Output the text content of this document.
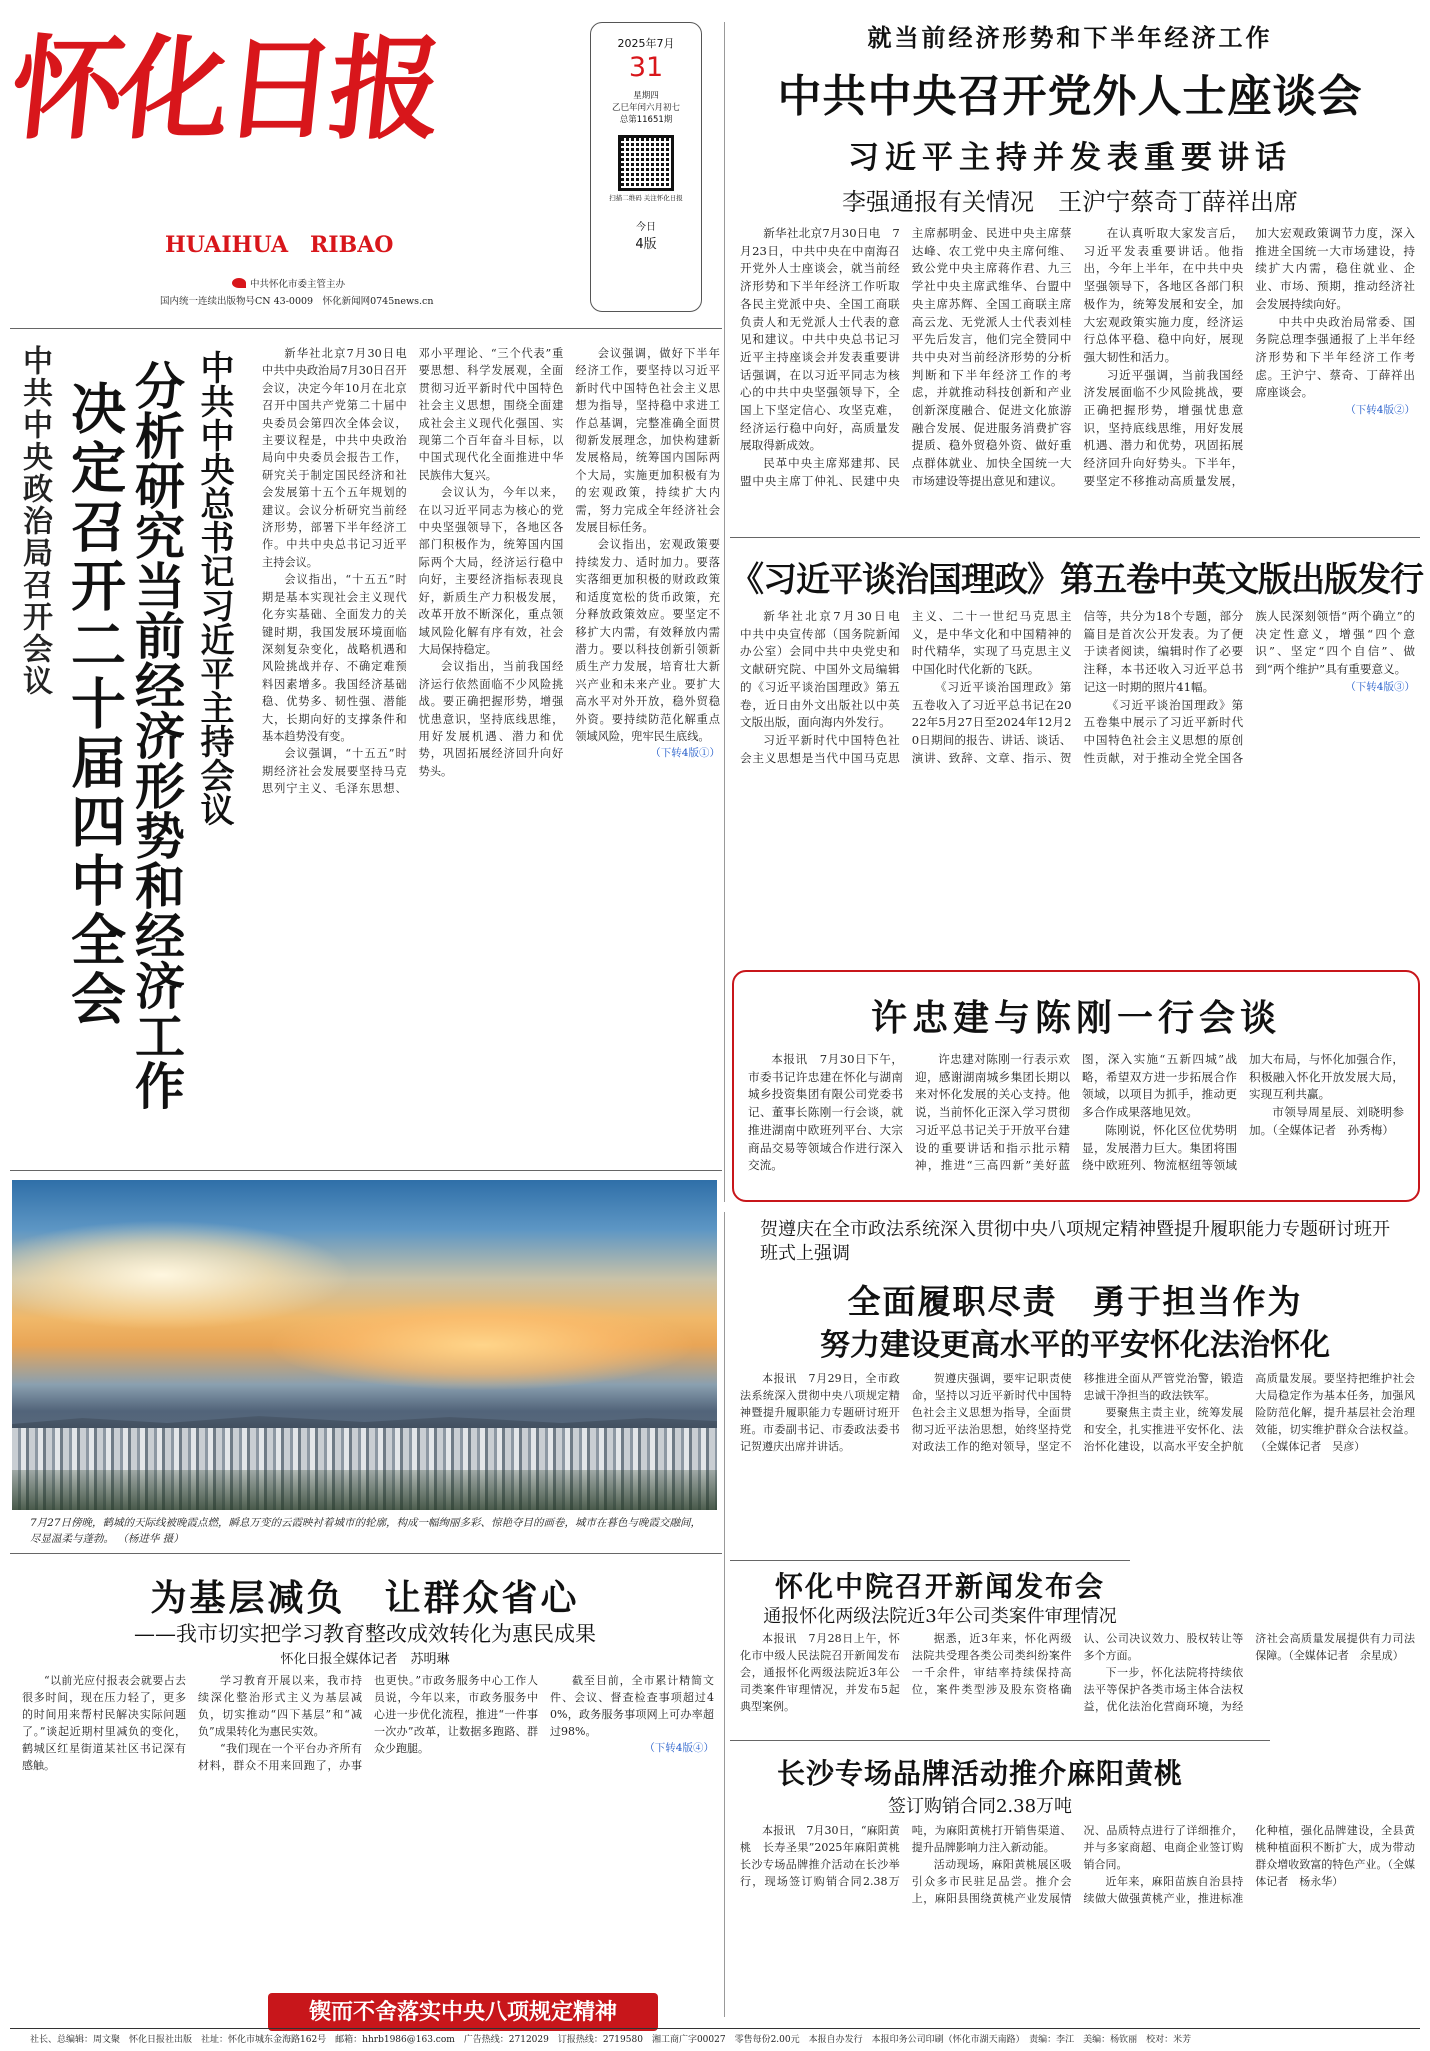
怀化日报
HUAIHUA　RIBAO
中共怀化市委主管主办
国内统一连续出版物号CN 43-0009　 怀化新闻网0745news.cn
2025年7月
31
星期四
乙巳年闰六月初七
总第11651期
扫描二维码 关注怀化日报
今日
4版
就当前经济形势和下半年经济工作
中共中央召开党外人士座谈会
习近平主持并发表重要讲话
李强通报有关情况　王沪宁蔡奇丁薛祥出席

新华社北京7月30日电　7月23日，中共中央在中南海召开党外人士座谈会，就当前经济形势和下半年经济工作听取各民主党派中央、全国工商联负责人和无党派人士代表的意见和建议。中共中央总书记习近平主持座谈会并发表重要讲话强调，在以习近平同志为核心的中共中央坚强领导下，全国上下坚定信心、攻坚克难，经济运行稳中向好，高质量发展取得新成效。

民革中央主席郑建邦、民盟中央主席丁仲礼、民建中央主席郝明金、民进中央主席蔡达峰、农工党中央主席何维、致公党中央主席蒋作君、九三学社中央主席武维华、台盟中央主席苏辉、全国工商联主席高云龙、无党派人士代表刘桂平先后发言，他们完全赞同中共中央对当前经济形势的分析判断和下半年经济工作的考虑，并就推动科技创新和产业创新深度融合、促进文化旅游融合发展、促进服务消费扩容提质、稳外贸稳外资、做好重点群体就业、加快全国统一大市场建设等提出意见和建议。

在认真听取大家发言后，习近平发表重要讲话。他指出，今年上半年，在中共中央坚强领导下，各地区各部门积极作为，统筹发展和安全，加大宏观政策实施力度，经济运行总体平稳、稳中向好，展现强大韧性和活力。

习近平强调，当前我国经济发展面临不少风险挑战，要正确把握形势，增强忧患意识，坚持底线思维，用好发展机遇、潜力和优势，巩固拓展经济回升向好势头。下半年，要坚定不移推动高质量发展，加大宏观政策调节力度，深入推进全国统一大市场建设，持续扩大内需，稳住就业、企业、市场、预期，推动经济社会发展持续向好。

中共中央政治局常委、国务院总理李强通报了上半年经济形势和下半年经济工作考虑。王沪宁、蔡奇、丁薛祥出席座谈会。

（下转4版②）
《习近平谈治国理政》第五卷中英文版出版发行

新华社北京7月30日电　中共中央宣传部（国务院新闻办公室）会同中共中央党史和文献研究院、中国外文局编辑的《习近平谈治国理政》第五卷，近日由外文出版社以中英文版出版，面向海内外发行。

习近平新时代中国特色社会主义思想是当代中国马克思主义、二十一世纪马克思主义，是中华文化和中国精神的时代精华，实现了马克思主义中国化时代化新的飞跃。

《习近平谈治国理政》第五卷收入了习近平总书记在2022年5月27日至2024年12月20日期间的报告、讲话、谈话、演讲、致辞、文章、指示、贺信等，共分为18个专题，部分篇目是首次公开发表。为了便于读者阅读，编辑时作了必要注释，本书还收入习近平总书记这一时期的照片41幅。

《习近平谈治国理政》第五卷集中展示了习近平新时代中国特色社会主义思想的原创性贡献，对于推动全党全国各族人民深刻领悟“两个确立”的决定性意义，增强“四个意识”、坚定“四个自信”、做到“两个维护”具有重要意义。

（下转4版③）
许忠建与陈刚一行会谈

本报讯　7月30日下午，市委书记许忠建在怀化与湖南城乡投资集团有限公司党委书记、董事长陈刚一行会谈，就推进湖南中欧班列平台、大宗商品交易等领域合作进行深入交流。

许忠建对陈刚一行表示欢迎，感谢湖南城乡集团长期以来对怀化发展的关心支持。他说，当前怀化正深入学习贯彻习近平总书记关于开放平台建设的重要讲话和指示批示精神，推进“三高四新”美好蓝图，深入实施“五新四城”战略，希望双方进一步拓展合作领域，以项目为抓手，推动更多合作成果落地见效。

陈刚说，怀化区位优势明显，发展潜力巨大。集团将围绕中欧班列、物流枢纽等领域加大布局，与怀化加强合作，积极融入怀化开放发展大局，实现互利共赢。

市领导周星辰、刘晓明参加。（全媒体记者　孙秀梅）

中共中央政治局召开会议 决定召开二十届四中全会 分析研究当前经济形势和经济工作 中共中央总书记习近平主持会议	新华社北京7月30日电　中共中央政治局7月30日召开会议，决定今年10月在北京召开中国共产党第二十届中央委员会第四次全体会议，主要议程是，中共中央政治局向中央委员会报告工作，研究关于制定国民经济和社会发展第十五个五年规划的建议。会议分析研究当前经济形势，部署下半年经济工作。中共中央总书记习近平主持会议。

会议指出，“十五五”时期是基本实现社会主义现代化夯实基础、全面发力的关键时期，我国发展环境面临深刻复杂变化，战略机遇和风险挑战并存、不确定难预料因素增多。我国经济基础稳、优势多、韧性强、潜能大，长期向好的支撑条件和基本趋势没有变。

会议强调，“十五五”时期经济社会发展要坚持马克思列宁主义、毛泽东思想、邓小平理论、“三个代表”重要思想、科学发展观，全面贯彻习近平新时代中国特色社会主义思想，围绕全面建成社会主义现代化强国、实现第二个百年奋斗目标，以中国式现代化全面推进中华民族伟大复兴。

会议认为，今年以来，在以习近平同志为核心的党中央坚强领导下，各地区各部门积极作为，统筹国内国际两个大局，经济运行稳中向好，主要经济指标表现良好，新质生产力积极发展，改革开放不断深化，重点领域风险化解有序有效，社会大局保持稳定。

会议指出，当前我国经济运行依然面临不少风险挑战。要正确把握形势，增强忧患意识，坚持底线思维，用好发展机遇、潜力和优势，巩固拓展经济回升向好势头。

会议强调，做好下半年经济工作，要坚持以习近平新时代中国特色社会主义思想为指导，坚持稳中求进工作总基调，完整准确全面贯彻新发展理念，加快构建新发展格局，统筹国内国际两个大局，实施更加积极有为的宏观政策，持续扩大内需，努力完成全年经济社会发展目标任务。

会议指出，宏观政策要持续发力、适时加力。要落实落细更加积极的财政政策和适度宽松的货币政策，充分释放政策效应。要坚定不移扩大内需，有效释放内需潜力。要以科技创新引领新质生产力发展，培育壮大新兴产业和未来产业。要扩大高水平对外开放，稳外贸稳外资。要持续防范化解重点领域风险，兜牢民生底线。

（下转4版①）
7月27日傍晚，鹤城的天际线被晚霞点燃，瞬息万变的云霞映衬着城市的轮廓，构成一幅绚丽多彩、惊艳夺目的画卷，城市在暮色与晚霞交融间，尽显温柔与蓬勃。 （杨进华 摄）
为基层减负　让群众省心
——我市切实把学习教育整改成效转化为惠民成果
怀化日报全媒体记者　苏明琳

“以前光应付报表会就要占去很多时间，现在压力轻了，更多的时间用来帮村民解决实际问题了。”谈起近期村里减负的变化，鹤城区红星街道某社区书记深有感触。

学习教育开展以来，我市持续深化整治形式主义为基层减负，切实推动“四下基层”和“减负”成果转化为惠民实效。

“我们现在一个平台办齐所有材料，群众不用来回跑了，办事也更快。”市政务服务中心工作人员说，今年以来，市政务服务中心进一步优化流程，推进“一件事一次办”改革，让数据多跑路、群众少跑腿。

截至目前，全市累计精简文件、会议、督查检查事项超过40%，政务服务事项网上可办率超过98%。

（下转4版④）
锲而不舍落实中央八项规定精神
贺遵庆在全市政法系统深入贯彻中央八项规定精神暨提升履职能力专题研讨班开班式上强调
全面履职尽责　勇于担当作为
努力建设更高水平的平安怀化法治怀化

本报讯　7月29日，全市政法系统深入贯彻中央八项规定精神暨提升履职能力专题研讨班开班。市委副书记、市委政法委书记贺遵庆出席并讲话。

贺遵庆强调，要牢记职责使命，坚持以习近平新时代中国特色社会主义思想为指导，全面贯彻习近平法治思想，始终坚持党对政法工作的绝对领导，坚定不移推进全面从严管党治警，锻造忠诚干净担当的政法铁军。

要聚焦主责主业，统筹发展和安全，扎实推进平安怀化、法治怀化建设，以高水平安全护航高质量发展。要坚持把维护社会大局稳定作为基本任务，加强风险防范化解，提升基层社会治理效能，切实维护群众合法权益。（全媒体记者　吴彦）

怀化中院召开新闻发布会
通报怀化两级法院近3年公司类案件审理情况

本报讯　7月28日上午，怀化市中级人民法院召开新闻发布会，通报怀化两级法院近3年公司类案件审理情况，并发布5起典型案例。

据悉，近3年来，怀化两级法院共受理各类公司类纠纷案件一千余件，审结率持续保持高位，案件类型涉及股东资格确认、公司决议效力、股权转让等多个方面。

下一步，怀化法院将持续依法平等保护各类市场主体合法权益，优化法治化营商环境，为经济社会高质量发展提供有力司法保障。（全媒体记者　余星成）

长沙专场品牌活动推介麻阳黄桃
签订购销合同2.38万吨

本报讯　7月30日，“麻阳黄桃　长寿圣果”2025年麻阳黄桃长沙专场品牌推介活动在长沙举行，现场签订购销合同2.38万吨，为麻阳黄桃打开销售渠道、提升品牌影响力注入新动能。

活动现场，麻阳黄桃展区吸引众多市民驻足品尝。推介会上，麻阳县围绕黄桃产业发展情况、品质特点进行了详细推介，并与多家商超、电商企业签订购销合同。

近年来，麻阳苗族自治县持续做大做强黄桃产业，推进标准化种植，强化品牌建设，全县黄桃种植面积不断扩大，成为带动群众增收致富的特色产业。（全媒体记者　杨永华）

社长、总编辑：周文聚　怀化日报社出版　社址：怀化市城东金海路162号　邮箱：hhrb1986@163.com　广告热线：2712029　订报热线：2719580　湘工商广字00027　零售每份2.00元　本报自办发行　本报印务公司印刷（怀化市湖天南路）　责编：李江　美编：杨钦丽　校对：米芳
